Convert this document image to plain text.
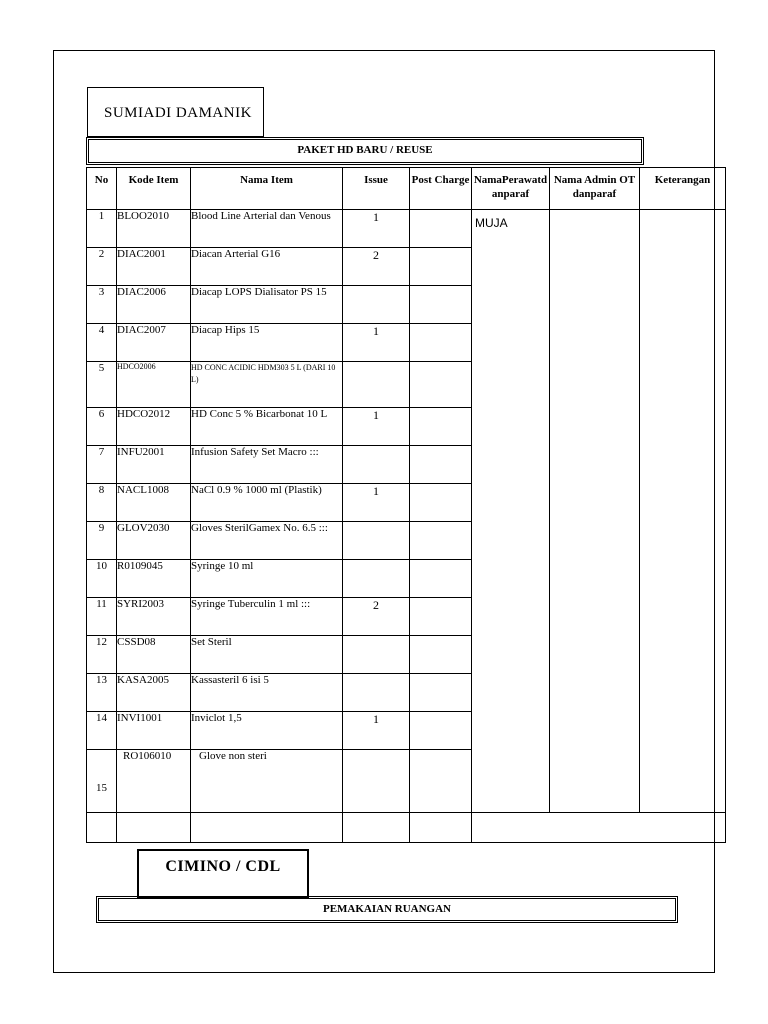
SUMIADI DAMANIK
PAKET HD BARU / REUSE
No	Kode Item	Nama Item	Issue	Post Charge	NamaPerawatdanparaf	Nama Admin OT danparaf	Keterangan
1	BLOO2010	Blood Line Arterial dan Venous	1		MUJA		

2	DIAC2001	Diacan Arterial G16	2				
3	DIAC2006	Diacap LOPS Dialisator PS 15					
4	DIAC2007	Diacap Hips 15	1				
5	HDCO2006	HD CONC ACIDIC HDM303 5 L (DARI 10 L)					
6	HDCO2012	HD Conc 5 % Bicarbonat 10 L	1				
7	INFU2001	Infusion Safety Set Macro :::					
8	NACL1008	NaCl 0.9 % 1000 ml (Plastik)	1				
9	GLOV2030	Gloves SterilGamex No. 6.5 :::					
10	R0109045	Syringe 10 ml					
11	SYRI2003	Syringe Tuberculin 1 ml :::	2				
12	CSSD08	Set Steril					
13	KASA2005	Kassasteril 6 isi 5					
14	INVI1001	Inviclot 1,5	1				
15	RO106010	Glove non steri					

CIMINO / CDL
PEMAKAIAN RUANGAN
